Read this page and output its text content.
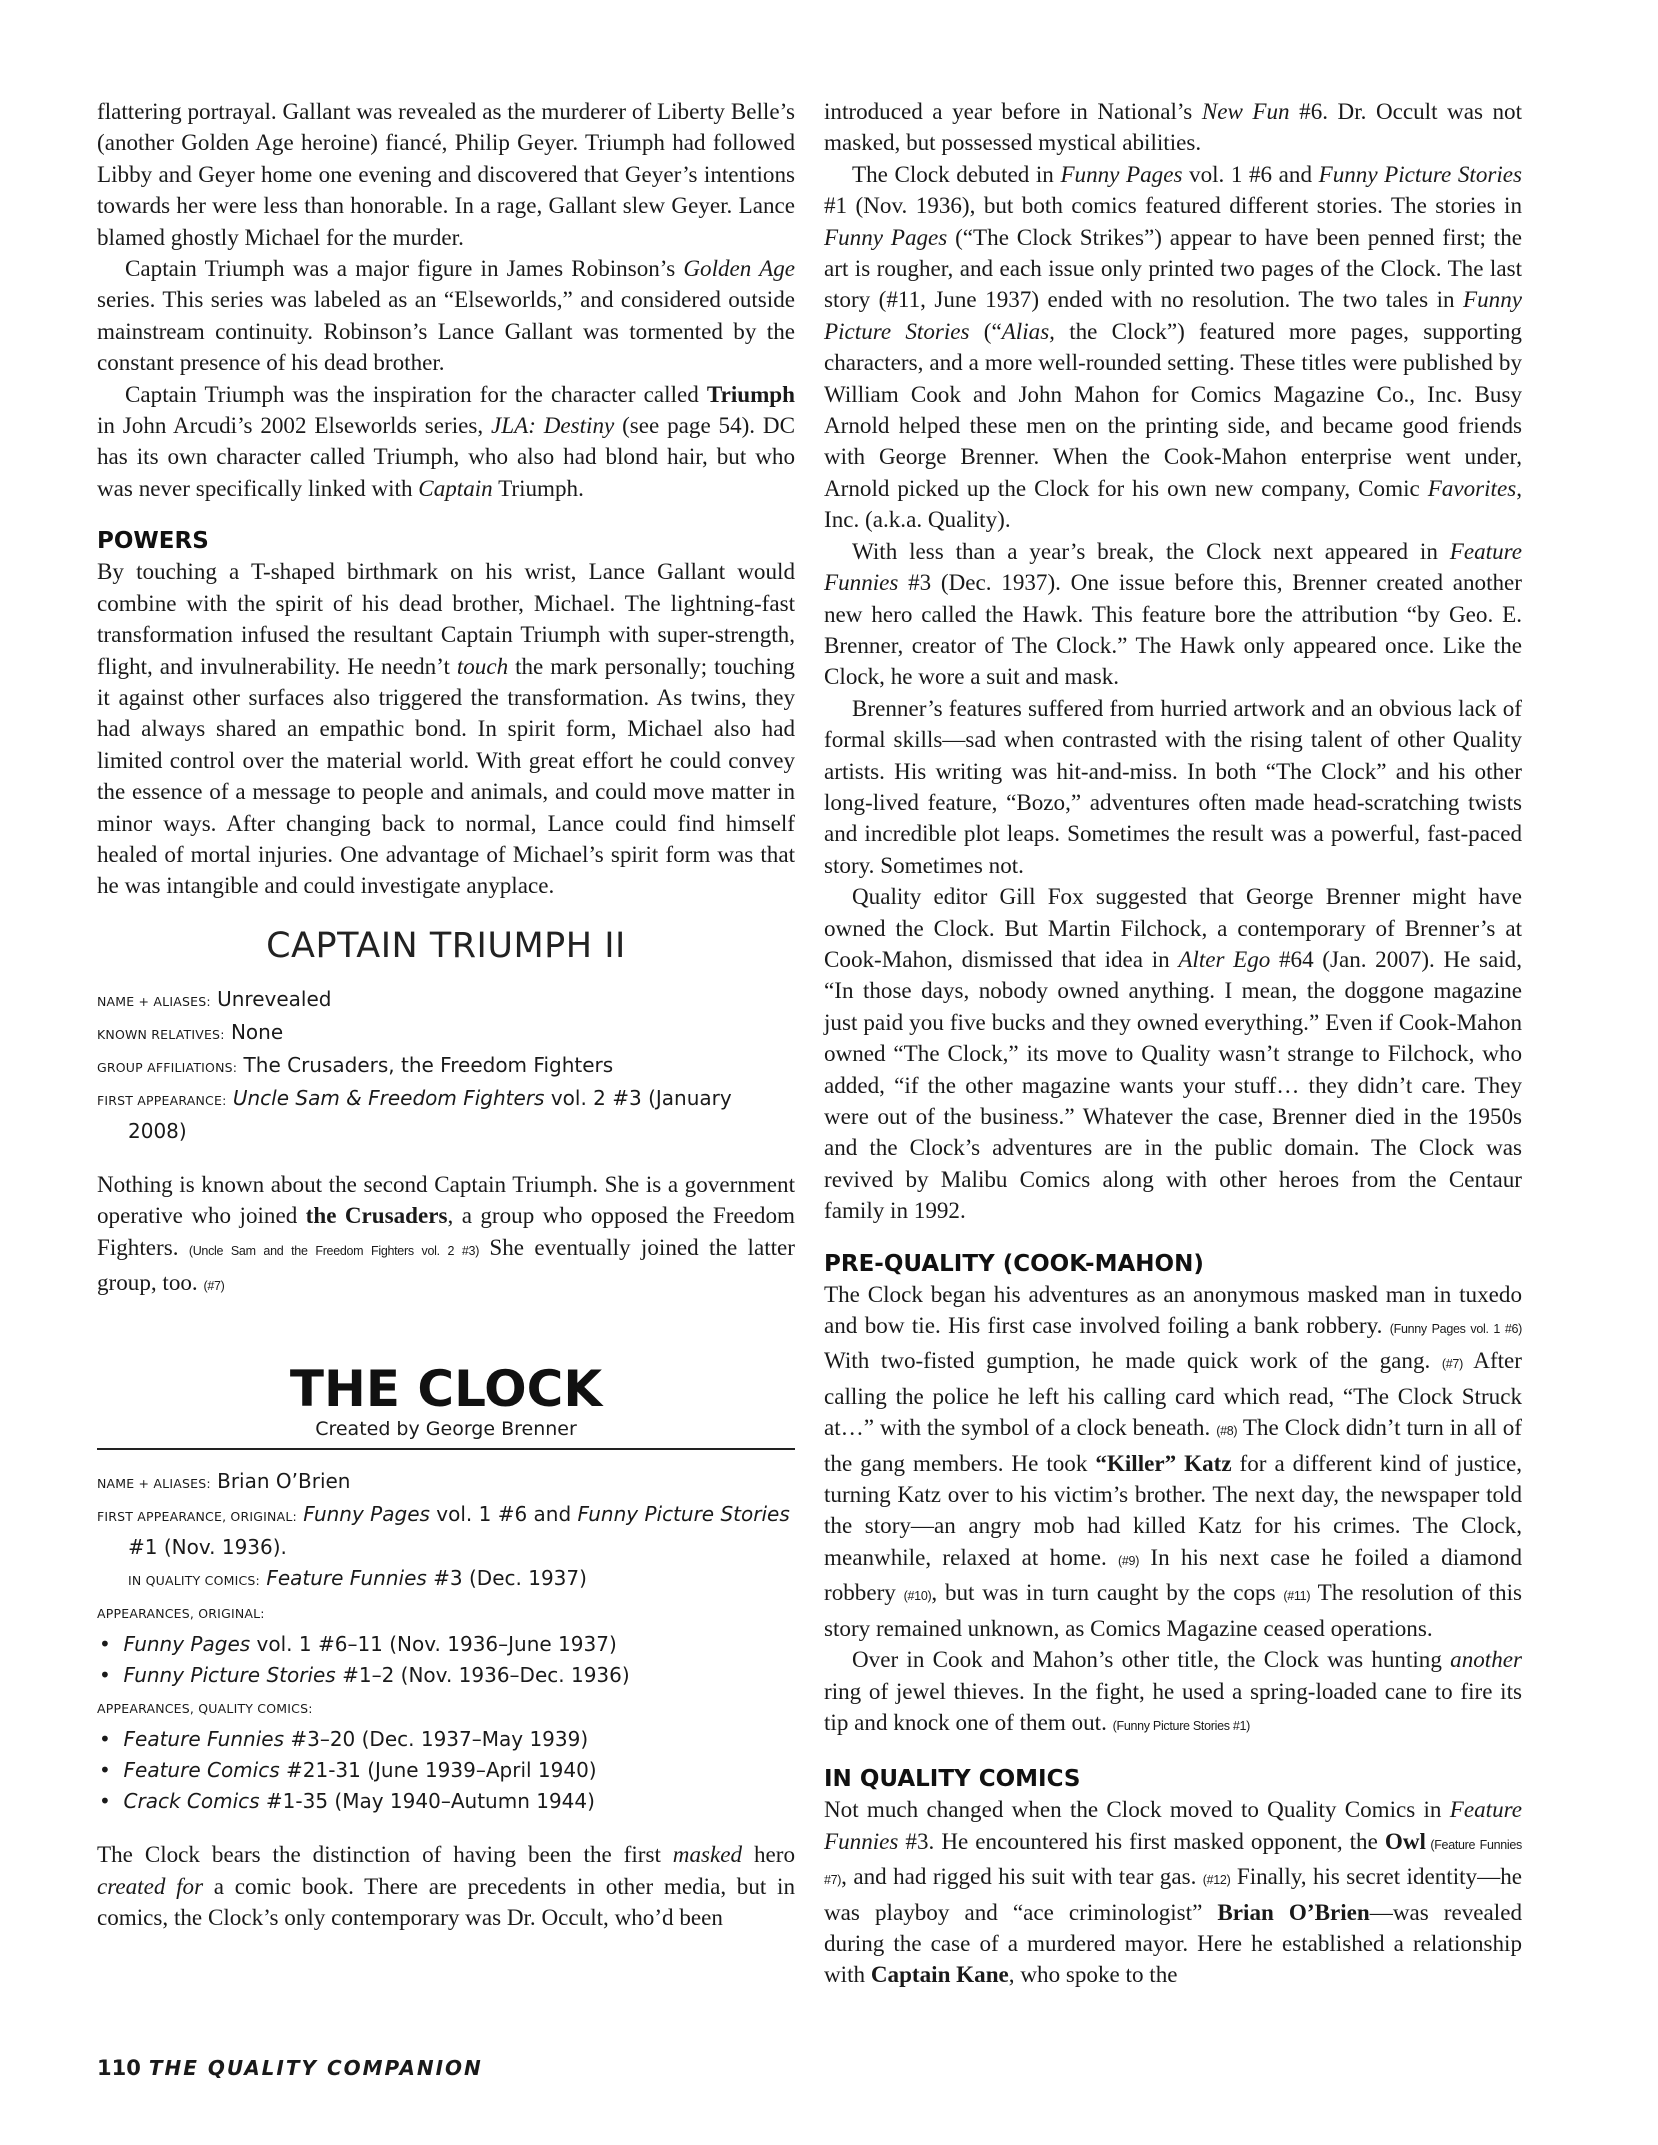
flattering portrayal. Gallant was revealed as the murderer of Liberty Belle’s (another Golden Age heroine) fiancé, Philip Geyer. Triumph had followed Libby and Geyer home one evening and discovered that Geyer’s intentions towards her were less than honorable. In a rage, Gallant slew Geyer. Lance blamed ghostly Michael for the murder.

Captain Triumph was a major figure in James Robinson’s Golden Age series. This series was labeled as an “Elseworlds,” and considered outside mainstream continuity. Robinson’s Lance Gallant was tormented by the constant presence of his dead brother.

Captain Triumph was the inspiration for the character called Triumph in John Arcudi’s 2002 Elseworlds series, JLA: Destiny (see page 54). DC has its own character called Triumph, who also had blond hair, but who was never specifically linked with Captain Triumph.

POWERS

By touching a T-shaped birthmark on his wrist, Lance Gallant would combine with the spirit of his dead brother, Michael. The lightning-fast transformation infused the resultant Captain Triumph with super-strength, flight, and invulnerability. He needn’t touch the mark personally; touching it against other surfaces also triggered the transformation. As twins, they had always shared an empathic bond. In spirit form, Michael also had limited control over the material world. With great effort he could convey the essence of a message to people and animals, and could move matter in minor ways. After changing back to normal, Lance could find himself healed of mortal injuries. One advantage of Michael’s spirit form was that he was intangible and could investigate anyplace.

CAPTAIN TRIUMPH II
NAME + ALIASES: Unrevealed
KNOWN RELATIVES: None
GROUP AFFILIATIONS: The Crusaders, the Freedom Fighters
FIRST APPEARANCE: Uncle Sam & Freedom Fighters vol. 2 #3 (January 2008)

Nothing is known about the second Captain Triumph. She is a government operative who joined the Crusaders, a group who opposed the Freedom Fighters. (Uncle Sam and the Freedom Fighters vol. 2 #3) She eventually joined the latter group, too. (#7)

THE CLOCK
Created by George Brenner
NAME + ALIASES: Brian O’Brien
FIRST APPEARANCE, ORIGINAL: Funny Pages vol. 1 #6 and Funny Picture Stories #1 (Nov. 1936).
IN QUALITY COMICS: Feature Funnies #3 (Dec. 1937)
APPEARANCES, ORIGINAL:
•  Funny Pages vol. 1 #6–11 (Nov. 1936–June 1937)
•  Funny Picture Stories #1–2 (Nov. 1936–Dec. 1936)
APPEARANCES, QUALITY COMICS:
•  Feature Funnies #3–20 (Dec. 1937–May 1939)
•  Feature Comics #21-31 (June 1939–April 1940)
•  Crack Comics #1-35 (May 1940–Autumn 1944)

The Clock bears the distinction of having been the first masked hero created for a comic book. There are precedents in other media, but in comics, the Clock’s only contemporary was Dr. Occult, who’d been

introduced a year before in National’s New Fun #6. Dr. Occult was not masked, but possessed mystical abilities.

The Clock debuted in Funny Pages vol. 1 #6 and Funny Picture Stories #1 (Nov. 1936), but both comics featured different stories. The stories in Funny Pages (“The Clock Strikes”) appear to have been penned first; the art is rougher, and each issue only printed two pages of the Clock. The last story (#11, June 1937) ended with no resolution. The two tales in Funny Picture Stories (“Alias, the Clock”) featured more pages, supporting characters, and a more well-rounded setting. These titles were published by William Cook and John Mahon for Comics Magazine Co., Inc. Busy Arnold helped these men on the printing side, and became good friends with George Brenner. When the Cook-Mahon enterprise went under, Arnold picked up the Clock for his own new company, Comic Favorites, Inc. (a.k.a. Quality).

With less than a year’s break, the Clock next appeared in Feature Funnies #3 (Dec. 1937). One issue before this, Brenner created another new hero called the Hawk. This feature bore the attribution “by Geo. E. Brenner, creator of The Clock.” The Hawk only appeared once. Like the Clock, he wore a suit and mask.

Brenner’s features suffered from hurried artwork and an obvious lack of formal skills—sad when contrasted with the rising talent of other Quality artists. His writing was hit-and-miss. In both “The Clock” and his other long-lived feature, “Bozo,” adventures often made head-scratching twists and incredible plot leaps. Sometimes the result was a powerful, fast-paced story. Sometimes not.

Quality editor Gill Fox suggested that George Brenner might have owned the Clock. But Martin Filchock, a contemporary of Brenner’s at Cook-Mahon, dismissed that idea in Alter Ego #64 (Jan. 2007). He said, “In those days, nobody owned anything. I mean, the doggone magazine just paid you five bucks and they owned everything.” Even if Cook-Mahon owned “The Clock,” its move to Quality wasn’t strange to Filchock, who added, “if the other magazine wants your stuff… they didn’t care. They were out of the business.” Whatever the case, Brenner died in the 1950s and the Clock’s adventures are in the public domain. The Clock was revived by Malibu Comics along with other heroes from the Centaur family in 1992.

PRE-QUALITY (COOK-MAHON)

The Clock began his adventures as an anonymous masked man in tuxedo and bow tie. His first case involved foiling a bank robbery. (Funny Pages vol. 1 #6) With two-fisted gumption, he made quick work of the gang. (#7) After calling the police he left his calling card which read, “The Clock Struck at…” with the symbol of a clock beneath. (#8) The Clock didn’t turn in all of the gang members. He took “Killer” Katz for a different kind of justice, turning Katz over to his victim’s brother. The next day, the newspaper told the story—an angry mob had killed Katz for his crimes. The Clock, meanwhile, relaxed at home. (#9) In his next case he foiled a diamond robbery (#10), but was in turn caught by the cops (#11) The resolution of this story remained unknown, as Comics Magazine ceased operations.

Over in Cook and Mahon’s other title, the Clock was hunting another ring of jewel thieves. In the fight, he used a spring-loaded cane to fire its tip and knock one of them out. (Funny Picture Stories #1)

IN QUALITY COMICS

Not much changed when the Clock moved to Quality Comics in Feature Funnies #3. He encountered his first masked opponent, the Owl (Feature Funnies #7), and had rigged his suit with tear gas. (#12) Finally, his secret identity—he was playboy and “ace criminologist” Brian O’Brien—was revealed during the case of a murdered mayor. Here he established a relationship with Captain Kane, who spoke to the

110 THE QUALITY COMPANION
